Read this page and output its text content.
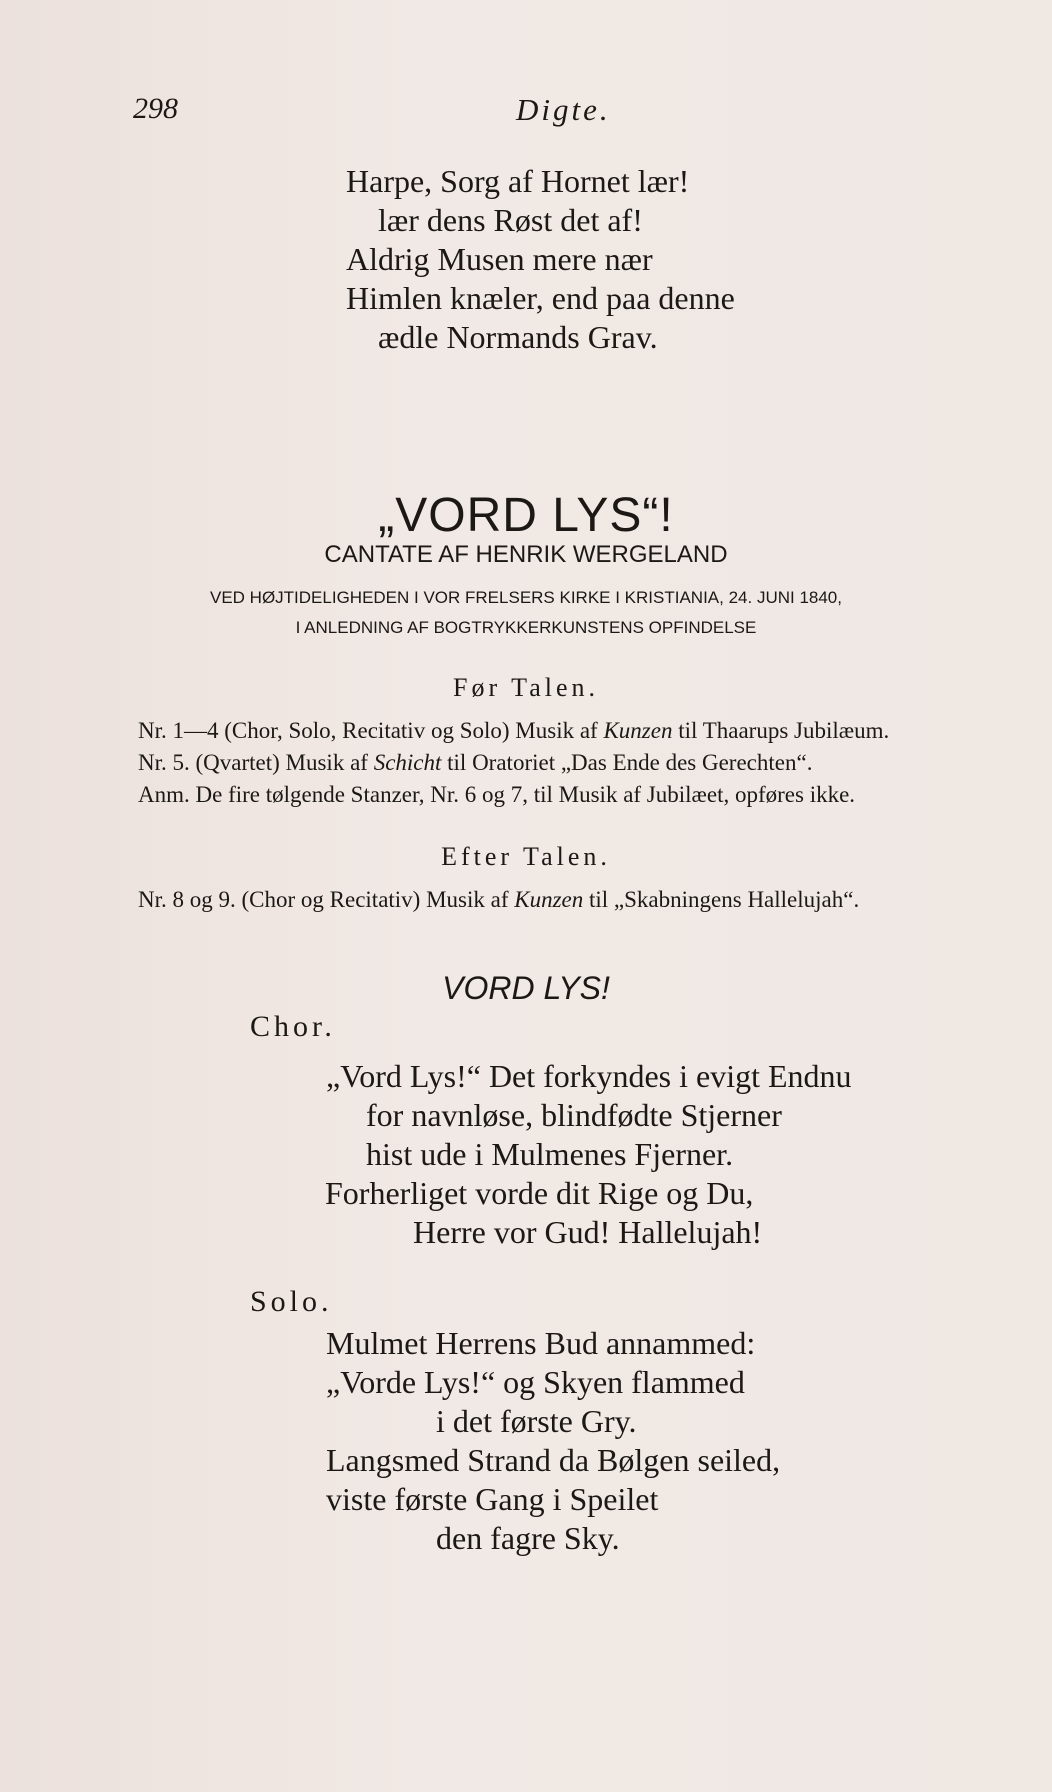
298	Digte.
Harpe, Sorg af Hornet lær!
lær dens Røst det af!
Aldrig Musen mere nær
Himlen knæler, end paa denne
ædle Normands Grav.
„VORD LYS“!
CANTATE AF HENRIK WERGELAND
VED HØJTIDELIGHEDEN I VOR FRELSERS KIRKE I KRISTIANIA, 24. JUNI 1840,
I ANLEDNING AF BOGTRYKKERKUNSTENS OPFINDELSE
Før Talen.
Nr. 1—4 (Chor, Solo, Recitativ og Solo) Musik af Kunzen til Thaarups Jubilæum.
Nr. 5. (Qvartet) Musik af Schicht til Oratoriet „Das Ende des Gerechten“.
Anm. De fire tølgende Stanzer, Nr. 6 og 7, til Musik af Jubilæet, opføres ikke.
Efter Talen.
Nr. 8 og 9. (Chor og Recitativ) Musik af Kunzen til „Skabningens Hallelujah“.
VORD LYS!
Chor.
„Vord Lys!“ Det forkyndes i evigt Endnu
for navnløse, blindfødte Stjerner
hist ude i Mulmenes Fjerner.
Forherliget vorde dit Rige og Du,
Herre vor Gud! Hallelujah!
Solo.
Mulmet Herrens Bud annammed:
„Vorde Lys!“ og Skyen flammed
i det første Gry.
Langsmed Strand da Bølgen seiled,
viste første Gang i Speilet
den fagre Sky.
